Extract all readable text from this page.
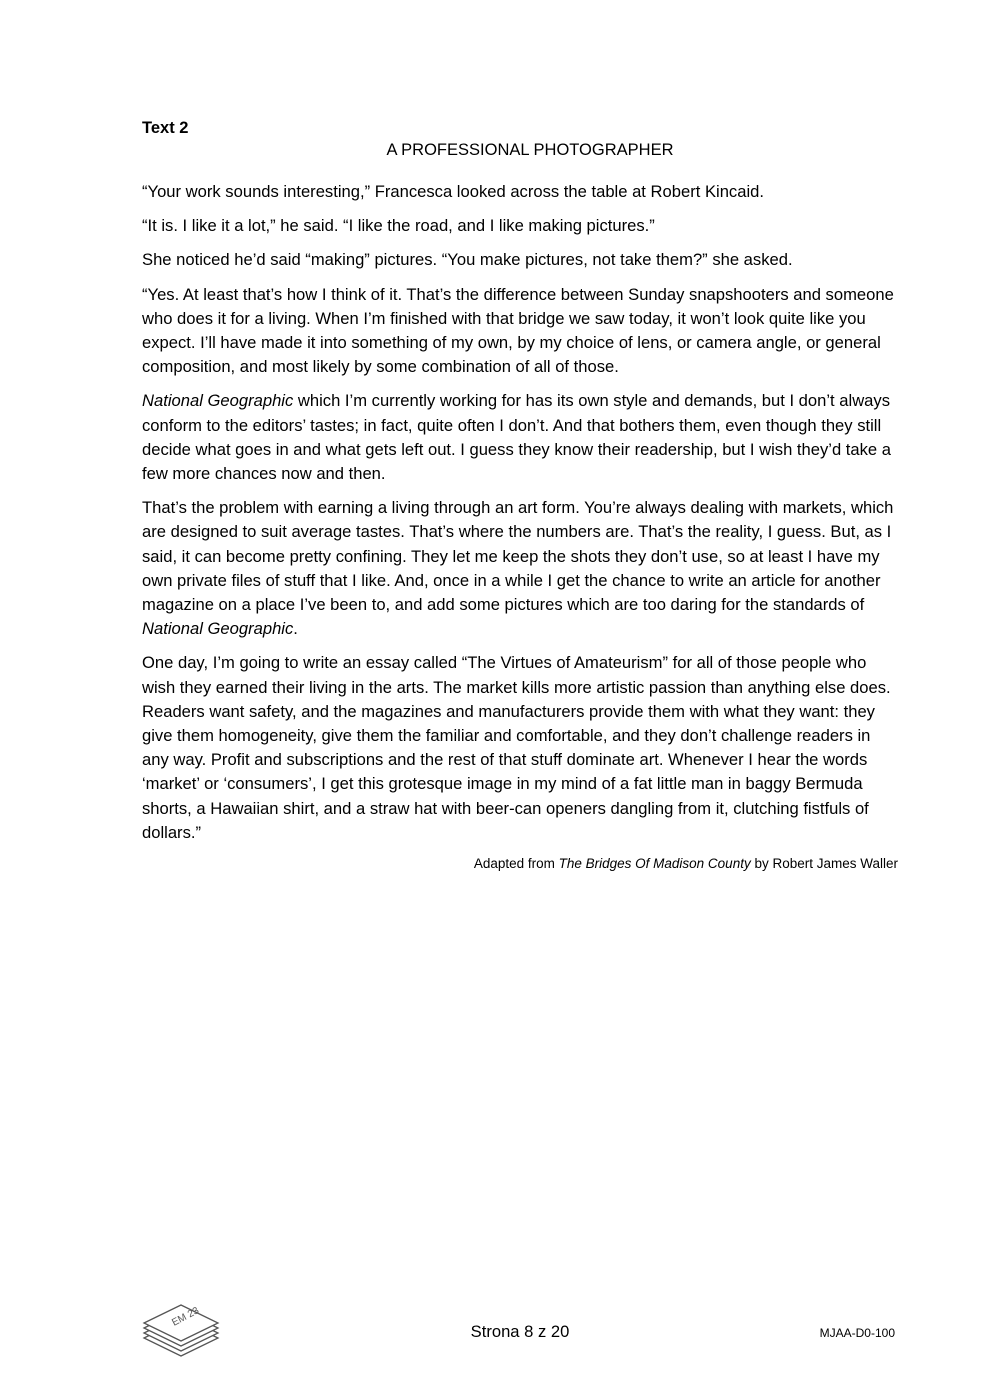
Text 2

A PROFESSIONAL PHOTOGRAPHER

“Your work sounds interesting,” Francesca looked across the table at Robert Kincaid.

“It is. I like it a lot,” he said. “I like the road, and I like making pictures.”

She noticed he’d said “making” pictures. “You make pictures, not take them?” she asked.

“Yes. At least that’s how I think of it. That’s the difference between Sunday snapshooters and someone who does it for a living. When I’m finished with that bridge we saw today, it won’t look quite like you expect. I’ll have made it into something of my own, by my choice of lens, or camera angle, or general composition, and most likely by some combination of all of those.

National Geographic which I’m currently working for has its own style and demands, but I don’t always conform to the editors’ tastes; in fact, quite often I don’t. And that bothers them, even though they still decide what goes in and what gets left out. I guess they know their readership, but I wish they’d take a few more chances now and then.

That’s the problem with earning a living through an art form. You’re always dealing with markets, which are designed to suit average tastes. That’s where the numbers are. That’s the reality, I guess. But, as I said, it can become pretty confining. They let me keep the shots they don’t use, so at least I have my own private files of stuff that I like. And, once in a while I get the chance to write an article for another magazine on a place I’ve been to, and add some pictures which are too daring for the standards of National Geographic.

One day, I’m going to write an essay called “The Virtues of Amateurism” for all of those people who wish they earned their living in the arts. The market kills more artistic passion than anything else does. Readers want safety, and the magazines and manufacturers provide them with what they want: they give them homogeneity, give them the familiar and comfortable, and they don’t challenge readers in any way. Profit and subscriptions and the rest of that stuff dominate art. Whenever I hear the words ‘market’ or ‘consumers’, I get this grotesque image in my mind of a fat little man in baggy Bermuda shorts, a Hawaiian shirt, and a straw hat with beer-can openers dangling from it, clutching fistfuls of dollars.”

Adapted from The Bridges Of Madison County by Robert James Waller
EM 23
Strona 8 z 20	MJAA-D0-100
